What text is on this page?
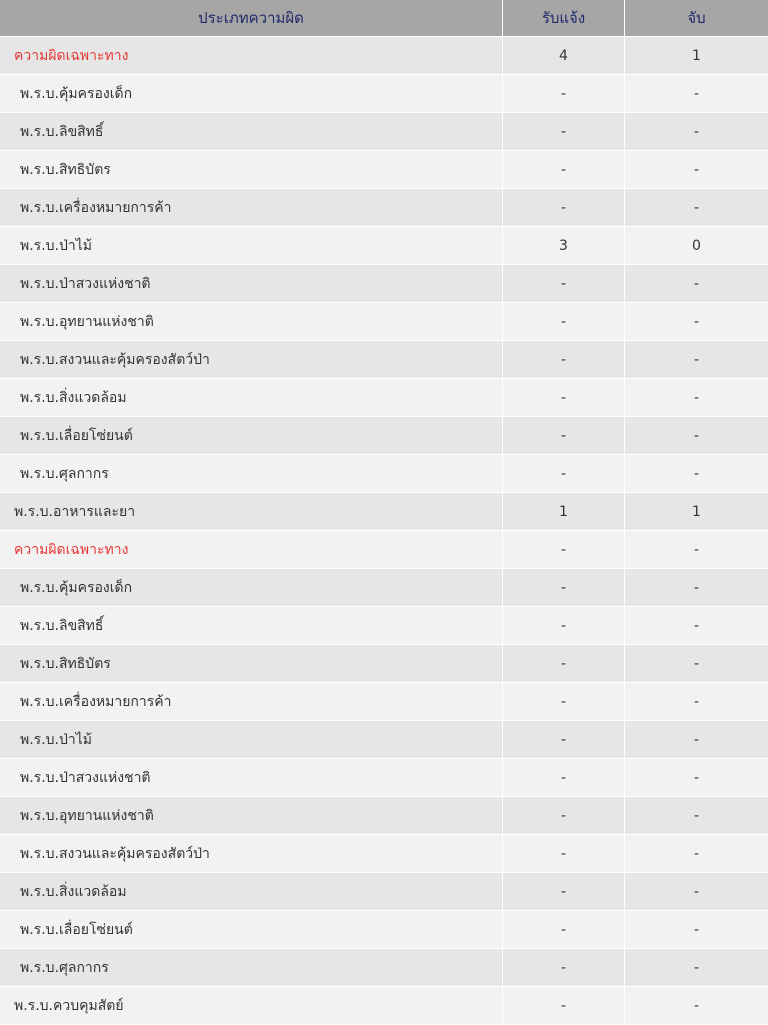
ประเภทความผิด	รับแจ้ง	จับ
ความผิดเฉพาะทาง	4	1
พ.ร.บ.คุ้มครองเด็ก	-	-
พ.ร.บ.ลิขสิทธิ์	-	-
พ.ร.บ.สิทธิบัตร	-	-
พ.ร.บ.เครื่องหมายการค้า	-	-
พ.ร.บ.ป่าไม้	3	0
พ.ร.บ.ป่าสวงแห่งชาติ	-	-
พ.ร.บ.อุทยานแห่งชาติ	-	-
พ.ร.บ.สงวนและคุ้มครองสัตว์ป่า	-	-
พ.ร.บ.สิ่งแวดล้อม	-	-
พ.ร.บ.เลื่อยโซ่ยนต์	-	-
พ.ร.บ.ศุลกากร	-	-
พ.ร.บ.อาหารและยา	1	1
ความผิดเฉพาะทาง	-	-
พ.ร.บ.คุ้มครองเด็ก	-	-
พ.ร.บ.ลิขสิทธิ์	-	-
พ.ร.บ.สิทธิบัตร	-	-
พ.ร.บ.เครื่องหมายการค้า	-	-
พ.ร.บ.ป่าไม้	-	-
พ.ร.บ.ป่าสวงแห่งชาติ	-	-
พ.ร.บ.อุทยานแห่งชาติ	-	-
พ.ร.บ.สงวนและคุ้มครองสัตว์ป่า	-	-
พ.ร.บ.สิ่งแวดล้อม	-	-
พ.ร.บ.เลื่อยโซ่ยนต์	-	-
พ.ร.บ.ศุลกากร	-	-
พ.ร.บ.ควบคุมสัตย์	-	-
